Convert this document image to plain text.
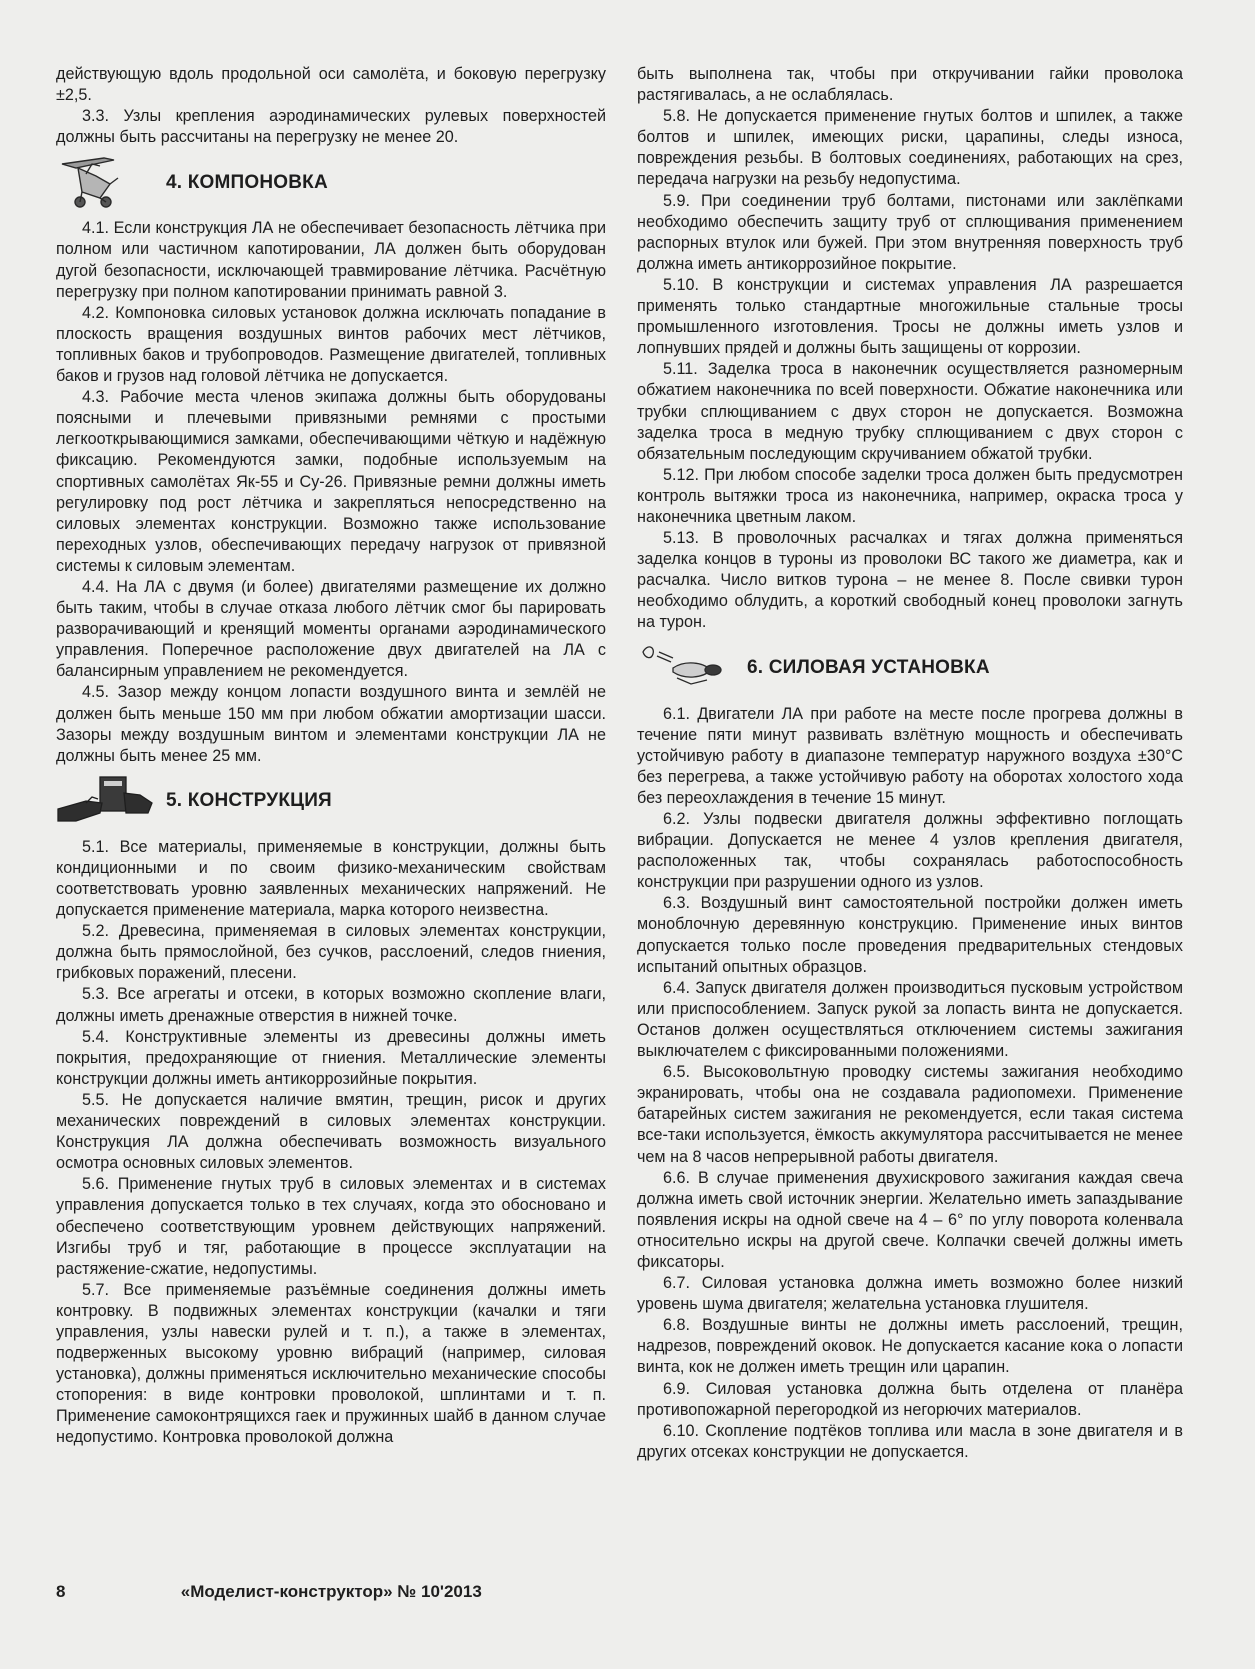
действующую вдоль продольной оси самолёта, и боковую перегрузку ±2,5.

3.3. Узлы крепления аэродинамических рулевых поверхностей должны быть рассчитаны на перегрузку не менее 20.

4. КОМПОНОВКА

4.1. Если конструкция ЛА не обеспечивает безопасность лётчика при полном или частичном капотировании, ЛА должен быть оборудован дугой безопасности, исключающей травмирование лётчика. Расчётную перегрузку при полном капотировании принимать равной 3.

4.2. Компоновка силовых установок должна исключать попадание в плоскость вращения воздушных винтов рабочих мест лётчиков, топливных баков и трубопроводов. Размещение двигателей, топливных баков и грузов над головой лётчика не допускается.

4.3. Рабочие места членов экипажа должны быть оборудованы поясными и плечевыми привязными ремнями с простыми легкооткрывающимися замками, обеспечивающими чёткую и надёжную фиксацию. Рекомендуются замки, подобные используемым на спортивных самолётах Як-55 и Су-26. Привязные ремни должны иметь регулировку под рост лётчика и закрепляться непосредственно на силовых элементах конструкции. Возможно также использование переходных узлов, обеспечивающих передачу нагрузок от привязной системы к силовым элементам.

4.4. На ЛА с двумя (и более) двигателями размещение их должно быть таким, чтобы в случае отказа любого лётчик смог бы парировать разворачивающий и кренящий моменты органами аэродинамического управления. Поперечное расположение двух двигателей на ЛА с балансирным управлением не рекомендуется.

4.5. Зазор между концом лопасти воздушного винта и землёй не должен быть меньше 150 мм при любом обжатии амортизации шасси. Зазоры между воздушным винтом и элементами конструкции ЛА не должны быть менее 25 мм.

5. КОНСТРУКЦИЯ

5.1. Все материалы, применяемые в конструкции, должны быть кондиционными и по своим физико-механическим свойствам соответствовать уровню заявленных механических напряжений. Не допускается применение материала, марка которого неизвестна.

5.2. Древесина, применяемая в силовых элементах конструкции, должна быть прямослойной, без сучков, расслоений, следов гниения, грибковых поражений, плесени.

5.3. Все агрегаты и отсеки, в которых возможно скопление влаги, должны иметь дренажные отверстия в нижней точке.

5.4. Конструктивные элементы из древесины должны иметь покрытия, предохраняющие от гниения. Металлические элементы конструкции должны иметь антикоррозийные покрытия.

5.5. Не допускается наличие вмятин, трещин, рисок и других механических повреждений в силовых элементах конструкции. Конструкция ЛА должна обеспечивать возможность визуального осмотра основных силовых элементов.

5.6. Применение гнутых труб в силовых элементах и в системах управления допускается только в тех случаях, когда это обосновано и обеспечено соответствующим уровнем действующих напряжений. Изгибы труб и тяг, работающие в процессе эксплуатации на растяжение-сжатие, недопустимы.

5.7. Все применяемые разъёмные соединения должны иметь контровку. В подвижных элементах конструкции (качалки и тяги управления, узлы навески рулей и т. п.), а также в элементах, подверженных высокому уровню вибраций (например, силовая установка), должны применяться исключительно механические способы стопорения: в виде контровки проволокой, шплинтами и т. п. Применение самоконтрящихся гаек и пружинных шайб в данном случае недопустимо. Контровка проволокой должна

быть выполнена так, чтобы при откручивании гайки проволока растягивалась, а не ослаблялась.

5.8. Не допускается применение гнутых болтов и шпилек, а также болтов и шпилек, имеющих риски, царапины, следы износа, повреждения резьбы. В болтовых соединениях, работающих на срез, передача нагрузки на резьбу недопустима.

5.9. При соединении труб болтами, пистонами или заклёпками необходимо обеспечить защиту труб от сплющивания применением распорных втулок или бужей. При этом внутренняя поверхность труб должна иметь антикоррозийное покрытие.

5.10. В конструкции и системах управления ЛА разрешается применять только стандартные многожильные стальные тросы промышленного изготовления. Тросы не должны иметь узлов и лопнувших прядей и должны быть защищены от коррозии.

5.11. Заделка троса в наконечник осуществляется разномерным обжатием наконечника по всей поверхности. Обжатие наконечника или трубки сплющиванием с двух сторон не допускается. Возможна заделка троса в медную трубку сплющиванием с двух сторон с обязательным последующим скручиванием обжатой трубки.

5.12. При любом способе заделки троса должен быть предусмотрен контроль вытяжки троса из наконечника, например, окраска троса у наконечника цветным лаком.

5.13. В проволочных расчалках и тягах должна применяться заделка концов в туроны из проволоки ВС такого же диаметра, как и расчалка. Число витков турона – не менее 8. После свивки турон необходимо облудить, а короткий свободный конец проволоки загнуть на турон.

6. СИЛОВАЯ УСТАНОВКА

6.1. Двигатели ЛА при работе на месте после прогрева должны в течение пяти минут развивать взлётную мощность и обеспечивать устойчивую работу в диапазоне температур наружного воздуха ±30°С без перегрева, а также устойчивую работу на оборотах холостого хода без переохлаждения в течение 15 минут.

6.2. Узлы подвески двигателя должны эффективно поглощать вибрации. Допускается не менее 4 узлов крепления двигателя, расположенных так, чтобы сохранялась работоспособность конструкции при разрушении одного из узлов.

6.3. Воздушный винт самостоятельной постройки должен иметь моноблочную деревянную конструкцию. Применение иных винтов допускается только после проведения предварительных стендовых испытаний опытных образцов.

6.4. Запуск двигателя должен производиться пусковым устройством или приспособлением. Запуск рукой за лопасть винта не допускается. Останов должен осуществляться отключением системы зажигания выключателем с фиксированными положениями.

6.5. Высоковольтную проводку системы зажигания необходимо экранировать, чтобы она не создавала радиопомехи. Применение батарейных систем зажигания не рекомендуется, если такая система все-таки используется, ёмкость аккумулятора рассчитывается не менее чем на 8 часов непрерывной работы двигателя.

6.6. В случае применения двухискрового зажигания каждая свеча должна иметь свой источник энергии. Желательно иметь запаздывание появления искры на одной свече на 4 – 6° по углу поворота коленвала относительно искры на другой свече. Колпачки свечей должны иметь фиксаторы.

6.7. Силовая установка должна иметь возможно более низкий уровень шума двигателя; желательна установка глушителя.

6.8. Воздушные винты не должны иметь расслоений, трещин, надрезов, повреждений оковок. Не допускается касание кока о лопасти винта, кок не должен иметь трещин или царапин.

6.9. Силовая установка должна быть отделена от планёра противопожарной перегородкой из негорючих материалов.

6.10. Скопление подтёков топлива или масла в зоне двигателя и в других отсеках конструкции не допускается.

8	«Моделист-конструктор» № 10'2013
